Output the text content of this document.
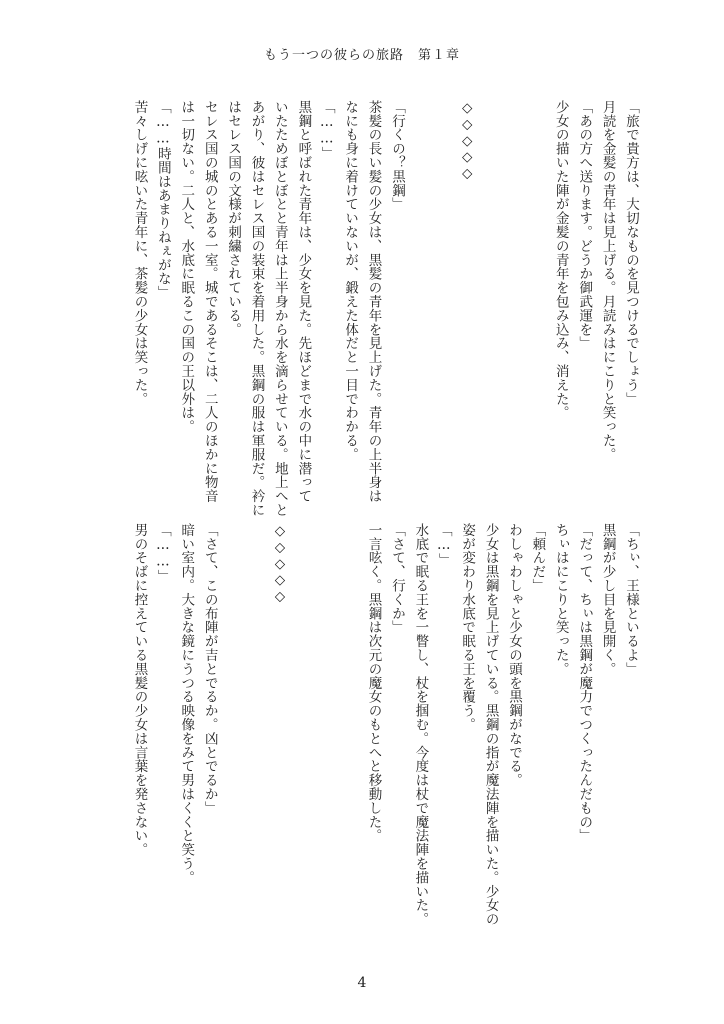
もう一つの彼らの旅路　第１章
「旅で貴方は、大切なものを見つけるでしょう」
月読を金髪の青年は見上げる。月読みはにこりと笑った。
「あの方へ送ります。どうか御武運を」
少女の描いた陣が金髪の青年を包み込み、消えた。

◇◇◇◇◇

「行くの？黒鋼」
茶髪の長い髪の少女は、黒髪の青年を見上げた。青年の上半身は
なにも身に着けていないが、鍛えた体だと一目でわかる。
「……」
黒鋼と呼ばれた青年は、少女を見た。先ほどまで水の中に潜って
いたためぼとぼとと青年は上半身から水を滴らせている。地上へと
あがり、彼はセレス国の装束を着用した。黒鋼の服は軍服だ。衿に
はセレス国の文様が刺繍されている。
セレス国の城のとある一室。城であるそこは、二人のほかに物音
は一切ない。二人と、水底に眠るこの国の王以外は。
「……時間はあまりねぇがな」
苦々しげに呟いた青年に、茶髪の少女は笑った。
「ちぃ、王様といるよ」
黒鋼が少し目を見開く。
「だって、ちぃは黒鋼が魔力でつくったんだもの」
ちぃはにこりと笑った。
「頼んだ」
わしゃわしゃと少女の頭を黒鋼がなでる。
少女は黒鋼を見上げている。黒鋼の指が魔法陣を描いた。少女の
姿が変わり水底で眠る王を覆う。
「…」
水底で眠る王を一瞥し、杖を掴む。今度は杖で魔法陣を描いた。
「さて、行くか」
一言呟く。黒鋼は次元の魔女のもとへと移動した。

◇◇◇◇◇

「さて、この布陣が吉とでるか。凶とでるか」
暗い室内。大きな鏡にうつる映像をみて男はくくと笑う。
「……」
男のそばに控えている黒髪の少女は言葉を発さない。
4
